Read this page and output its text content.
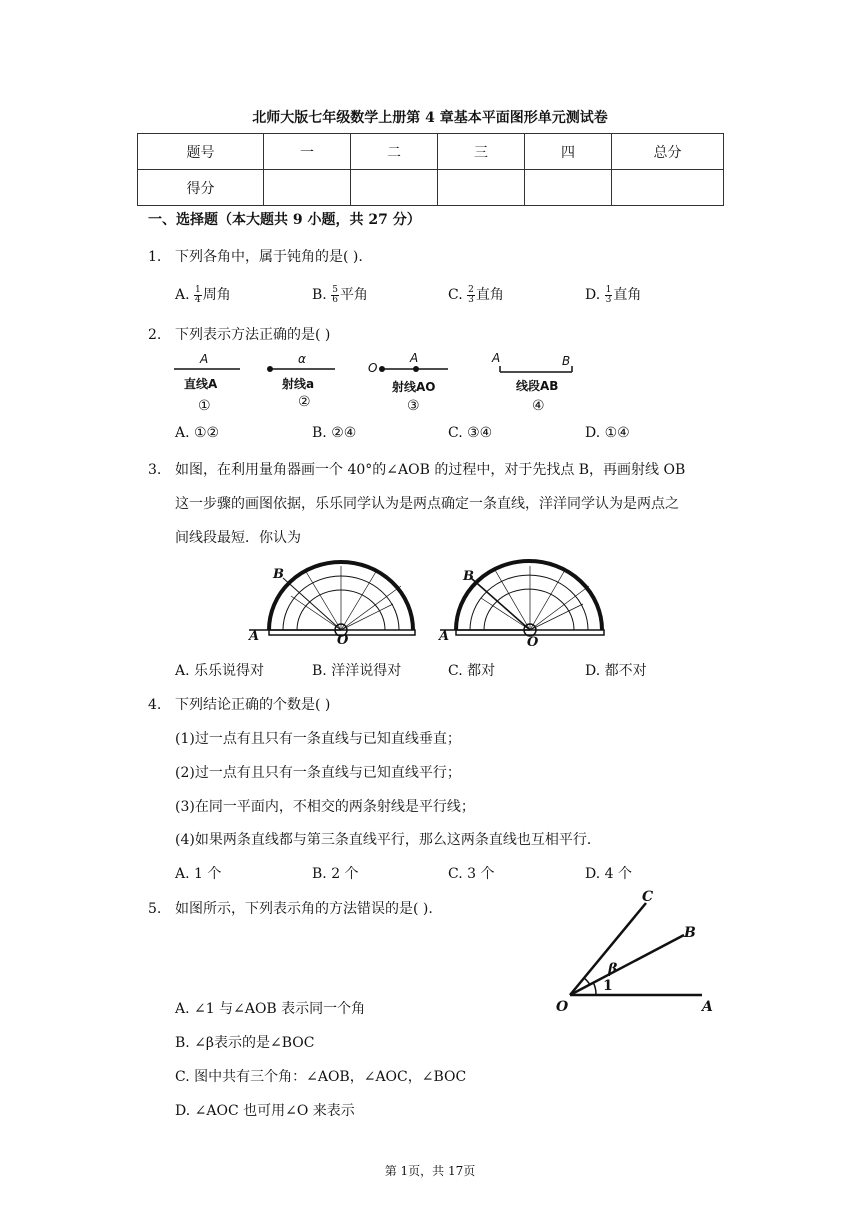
北师大版七年级数学上册第 4 章基本平面图形单元测试卷
题号	一	二	三	四	总分
得分					
一、选择题（本大题共 9 小题，共 27 分）
1. 下列各角中，属于钝角的是( ).
A. $\frac{1}{4}$ 周角	B. $\frac{5}{6}$ 平角	C. $\frac{2}{3}$ 直角	D. $\frac{1}{3}$ 直角
2. 下列表示方法正确的是( )
A
直线A
①
α
射线a
②
O
A
射线AO
③
A	B
线段AB
④
A. ①②	B. ②④	C. ③④	D. ①④
3. 如图，在利用量角器画一个 40°的∠AOB 的过程中，对于先找点 B，再画射线 OB
这一步骤的画图依据，乐乐同学认为是两点确定一条直线，洋洋同学认为是两点之
间线段最短．你认为
B
A	O
B
A	O
A. 乐乐说得对	B. 洋洋说得对	C. 都对	D. 都不对
4. 下列结论正确的个数是( )
(1)过一点有且只有一条直线与已知直线垂直；
(2)过一点有且只有一条直线与已知直线平行；
(3)在同一平面内，不相交的两条射线是平行线；
(4)如果两条直线都与第三条直线平行，那么这两条直线也互相平行．
A. 1 个	B. 2 个	C. 3 个	D. 4 个
5. 如图所示，下列表示角的方法错误的是( ).
C
B
β
1
O	A
A. ∠1 与∠AOB 表示同一个角
B. ∠β表示的是∠BOC
C. 图中共有三个角：∠AOB，∠AOC，∠BOC
D. ∠AOC 也可用∠O 来表示
第 1页，共 17页
